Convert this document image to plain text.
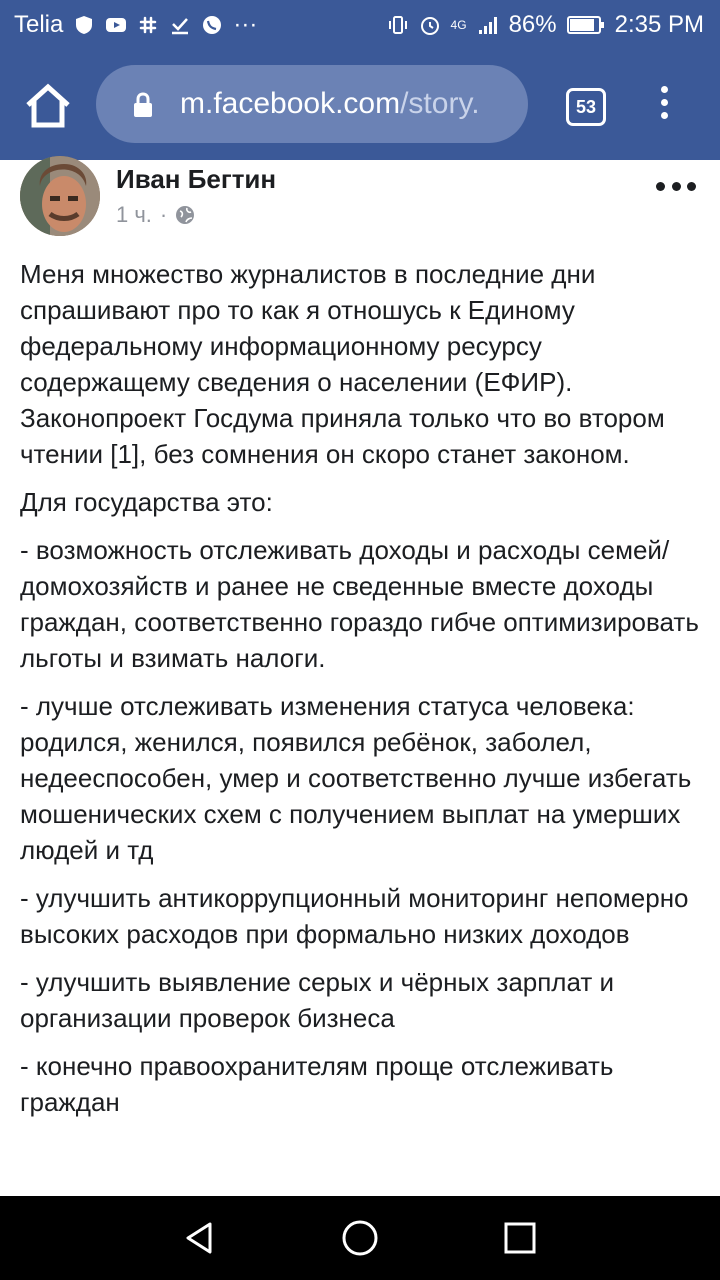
Telia	···	4G 86% 2:35 PM
m.facebook.com/story.	53
Иван Бегтин
1 ч. ·

Меня множество журналистов в последние дни спрашивают про то как я отношусь к Единому федеральному информационному ресурсу содержащему сведения о населении (ЕФИР). Законопроект Госдума приняла только что во втором чтении [1], без сомнения он скоро станет законом.

Для государства это:

- возможность отслеживать доходы и расходы семей/домохозяйств и ранее не сведенные вместе доходы граждан, соответственно гораздо гибче оптимизировать льготы и взимать налоги.

- лучше отслеживать изменения статуса человека: родился, женился, появился ребёнок, заболел, недееспособен, умер и соответственно лучше избегать мошенических схем с получением выплат на умерших людей и тд

- улучшить антикоррупционный мониторинг непомерно высоких расходов при формально низких доходов

- улучшить выявление серых и чёрных зарплат и организации проверок бизнеса

- конечно правоохранителям проще отслеживать граждан
